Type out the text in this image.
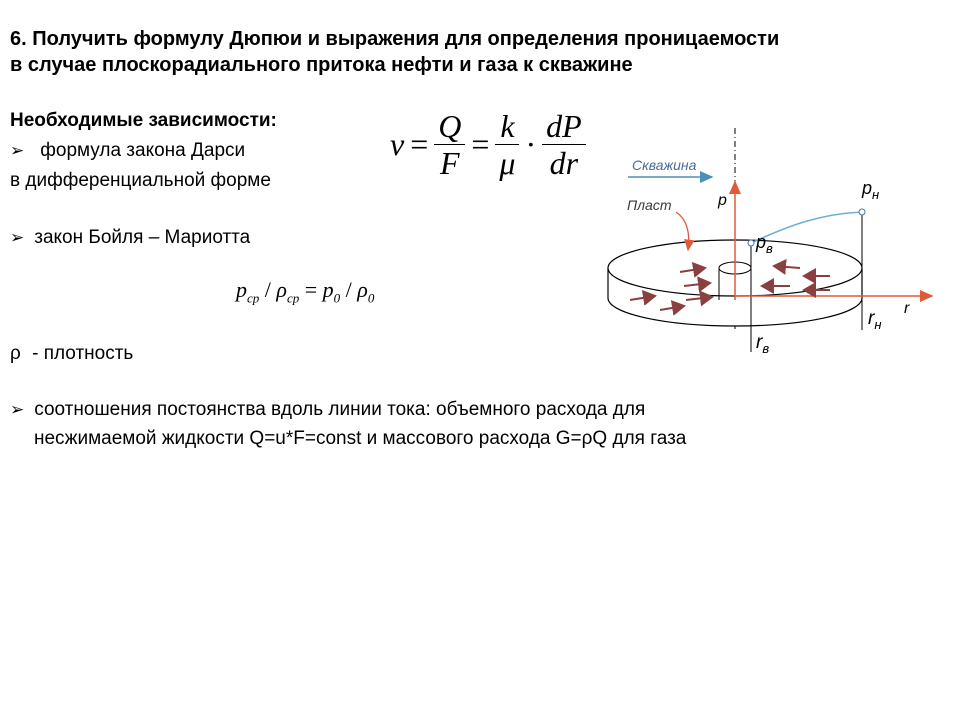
6. Получить формулу Дюпюи и выражения для определения проницаемости
в случае плоскорадиального притока нефти и газа к скважине
Необходимые зависимости:
➢ формула закона Дарси
в дифференциальной форме
➢ закон Бойля – Мариотта
ρ - плотность
➢ соотношения постоянства вдоль линии тока: объемного расхода для
несжимаемой жидкости Q=u*F=const и массового расхода G=ρQ для газа
$v = \frac{Q}{F} = \frac{k}{\mu} \cdot \frac{dP}{dr}$
$p_{ср} / \rho_{ср} = p_0 / \rho_0$
Скважина
Пласт	p
$p_н$
$p_в$
r
$r_н$
$r_в$
